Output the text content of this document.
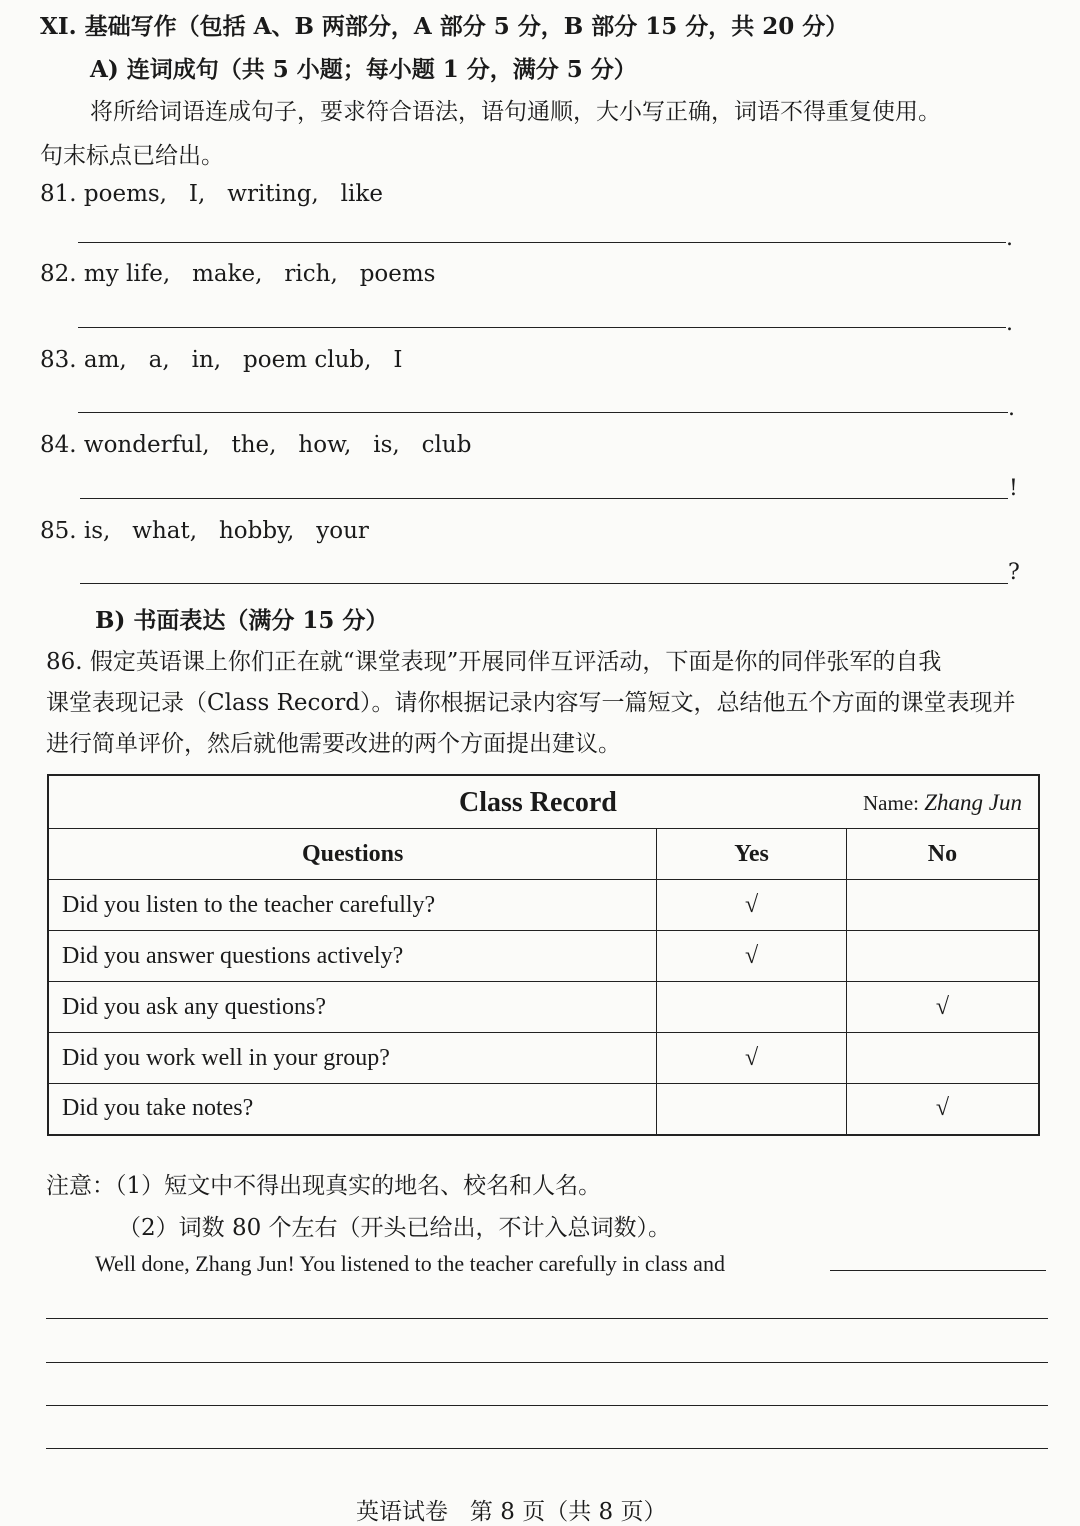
XI. 基础写作（包括 A、B 两部分，A 部分 5 分，B 部分 15 分，共 20 分）
A) 连词成句（共 5 小题；每小题 1 分，满分 5 分）
将所给词语连成句子，要求符合语法，语句通顺，大小写正确，词语不得重复使用。
句末标点已给出。
81. poems,   I,   writing,   like
.
82. my life,   make,   rich,   poems
.
83. am,   a,   in,   poem club,   I
.
84. wonderful,   the,   how,   is,   club
!
85. is,   what,   hobby,   your
?
B) 书面表达（满分 15 分）
86. 假定英语课上你们正在就“课堂表现”开展同伴互评活动，下面是你的同伴张军的自我
课堂表现记录（Class Record）。请你根据记录内容写一篇短文，总结他五个方面的课堂表现并
进行简单评价，然后就他需要改进的两个方面提出建议。
Class Record Name: Zhang Jun		

Questions	Yes	No
Did you listen to the teacher carefully?	√	
Did you answer questions actively?	√	
Did you ask any questions?		√
Did you work well in your group?	√	
Did you take notes?		√
注意：（1）短文中不得出现真实的地名、校名和人名。
（2）词数 80 个左右（开头已给出，不计入总词数）。
Well done, Zhang Jun! You listened to the teacher carefully in class and
英语试卷   第 8 页（共 8 页）
